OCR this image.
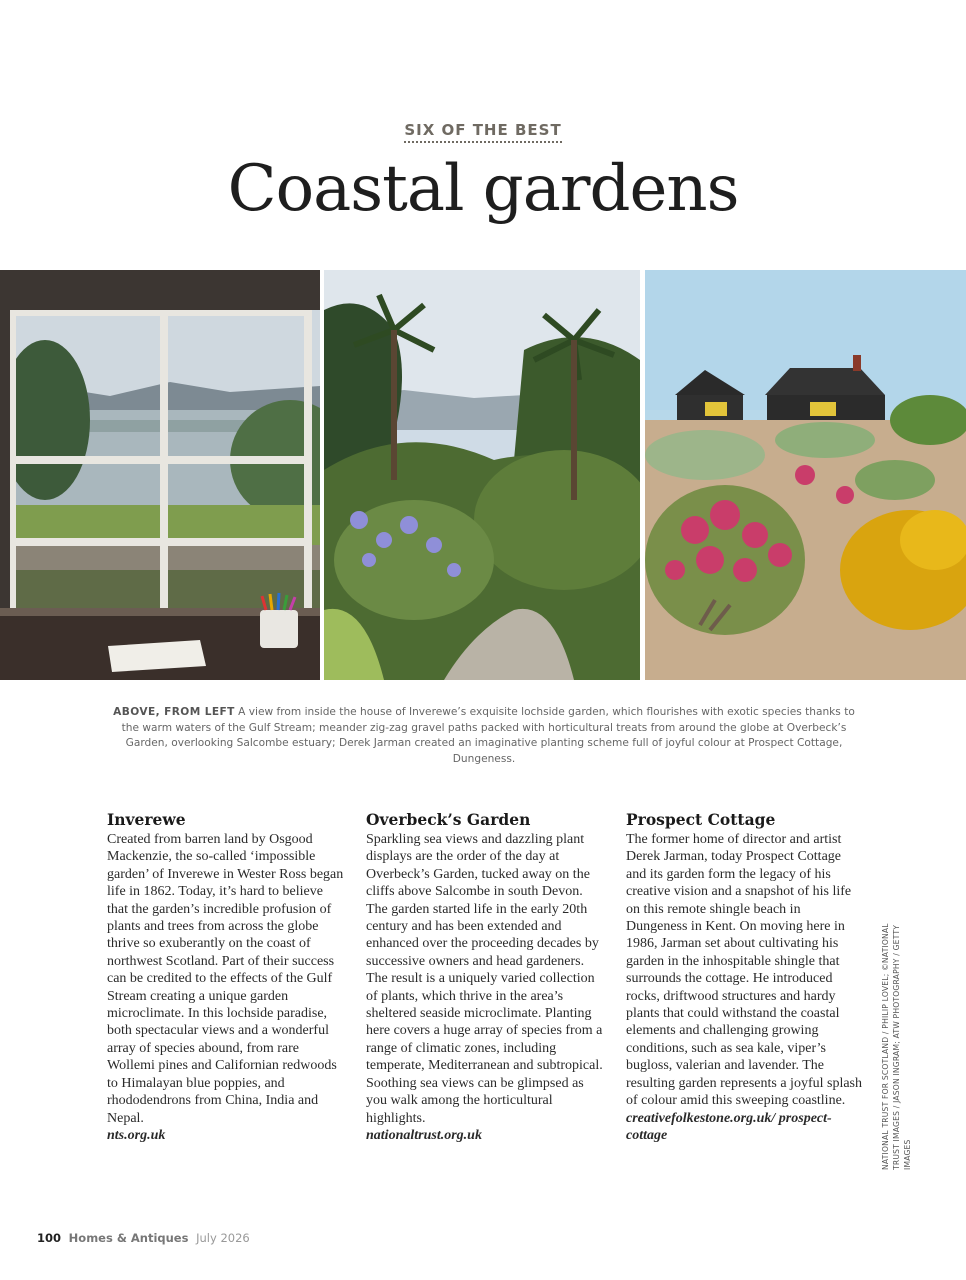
SIX OF THE BEST
Coastal gardens
ABOVE, FROM LEFT A view from inside the house of Inverewe’s exquisite lochside garden, which flourishes with exotic species thanks to the warm waters of the Gulf Stream; meander zig-zag gravel paths packed with horticultural treats from around the globe at Overbeck’s Garden, overlooking Salcombe estuary; Derek Jarman created an imaginative planting scheme full of joyful colour at Prospect Cottage, Dungeness.
Inverewe

Created from barren land by Osgood Mackenzie, the so-called ‘impossible garden’ of Inverewe in Wester Ross began life in 1862. Today, it’s hard to believe that the garden’s incredible profusion of plants and trees from across the globe thrive so exuberantly on the coast of northwest Scotland. Part of their success can be credited to the effects of the Gulf Stream creating a unique garden microclimate. In this lochside paradise, both spectacular views and a wonderful array of species abound, from rare Wollemi pines and Californian redwoods to Himalayan blue poppies, and rhododendrons from China, India and Nepal.

nts.org.uk
Overbeck’s Garden

Sparkling sea views and dazzling plant displays are the order of the day at Overbeck’s Garden, tucked away on the cliffs above Salcombe in south Devon. The garden started life in the early 20th century and has been extended and enhanced over the proceeding decades by successive owners and head gardeners. The result is a uniquely varied collection of plants, which thrive in the area’s sheltered seaside microclimate. Planting here covers a huge array of species from a range of climatic zones, including temperate, Mediterranean and subtropical. Soothing sea views can be glimpsed as you walk among the horticultural highlights.

nationaltrust.org.uk
Prospect Cottage

The former home of director and artist Derek Jarman, today Prospect Cottage and its garden form the legacy of his creative vision and a snapshot of his life on this remote shingle beach in Dungeness in Kent. On moving here in 1986, Jarman set about cultivating his garden in the inhospitable shingle that surrounds the cottage. He introduced rocks, driftwood structures and hardy plants that could withstand the coastal elements and challenging growing conditions, such as sea kale, viper’s bugloss, valerian and lavender. The resulting garden represents a joyful splash of colour amid this sweeping coastline.

creativefolkestone.org.uk/ prospect-cottage	NATIONAL TRUST FOR SCOTLAND / PHILIP LOVEL; ©NATIONAL TRUST IMAGES / JASON INGRAM; ATW PHOTOGRAPHY / GETTY IMAGES
100 Homes & Antiques July 2026
